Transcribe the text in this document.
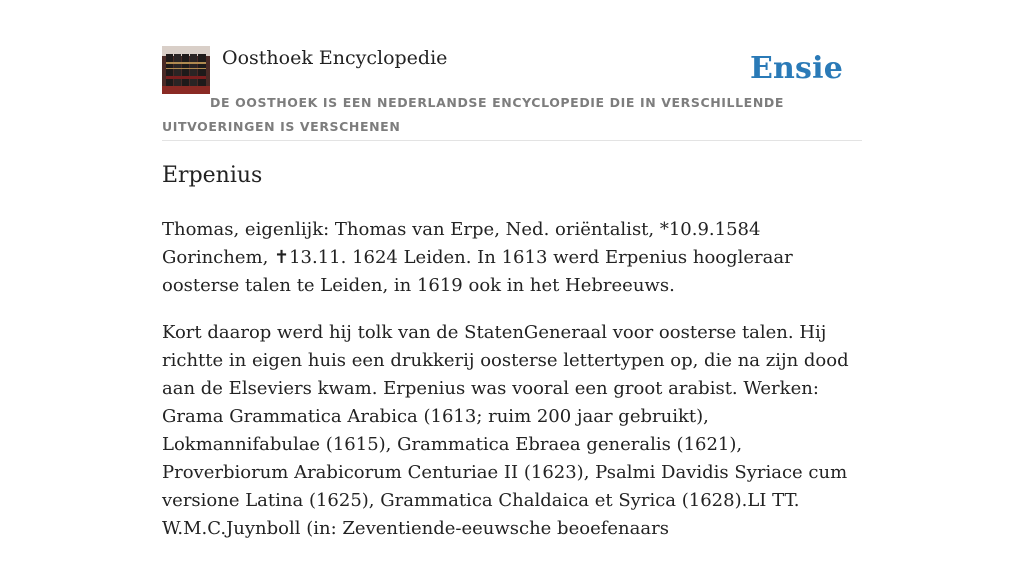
Oosthoek Encyclopedie	Ensie
DE OOSTHOEK IS EEN NEDERLANDSE ENCYCLOPEDIE DIE IN VERSCHILLENDE UITVOERINGEN IS VERSCHENEN
Erpenius

Thomas, eigenlijk: Thomas van Erpe, Ned. oriëntalist, *10.9.1584 Gorinchem, ✝13.11. 1624 Leiden. In 1613 werd Erpenius hoogleraar oosterse talen te Leiden, in 1619 ook in het Hebreeuws.

Kort daarop werd hij tolk van de StatenGeneraal voor oosterse talen. Hij richtte in eigen huis een drukkerij oosterse lettertypen op, die na zijn dood aan de Elseviers kwam. Erpenius was vooral een groot arabist. Werken: Grama Grammatica Arabica (1613; ruim 200 jaar gebruikt), Lokmannifabulae (1615), Grammatica Ebraea generalis (1621), Proverbiorum Arabicorum Centuriae II (1623), Psalmi Davidis Syriace cum versione Latina (1625), Grammatica Chaldaica et Syrica (1628).LI TT. W.M.C.Juynboll (in: Zeventiende-eeuwsche beoefenaars
